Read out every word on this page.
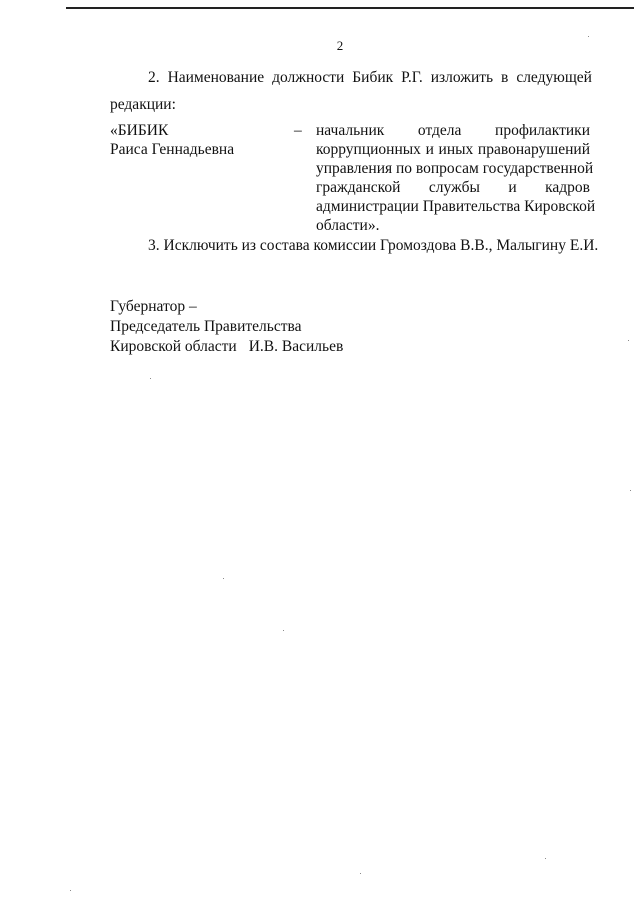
2
2. Наименование должности Бибик Р.Г. изложить в следующей
редакции:
«БИБИК
Раиса Геннадьевна
– начальник отдела профилактики
коррупционных и иных правонарушений
управления по вопросам государственной
гражданской службы и кадров
администрации Правительства Кировской
области».
3. Исключить из состава комиссии Громоздова В.В., Малыгину Е.И.
Губернатор –
Председатель Правительства
Кировской области И.В. Васильев
